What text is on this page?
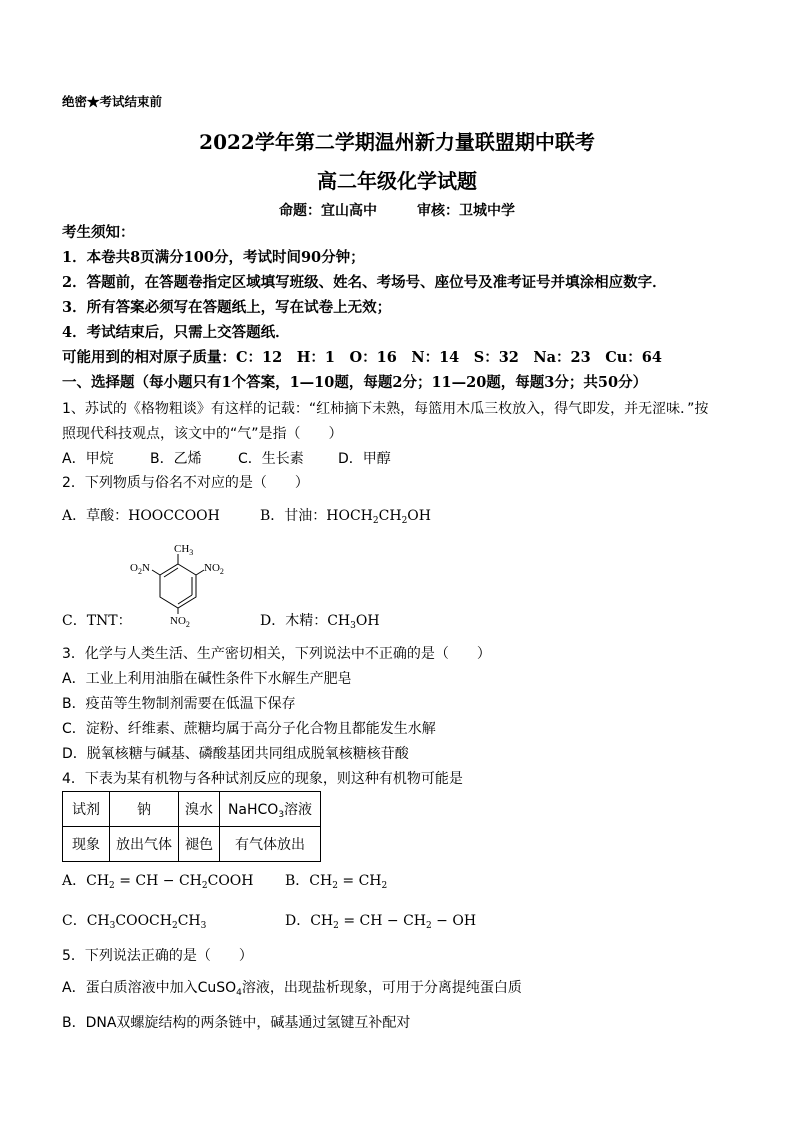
绝密★考试结束前
2022学年第二学期温州新力量联盟期中联考
高二年级化学试题
命题：宜山高中	审核：卫城中学
考生须知：
1．本卷共8页满分100分，考试时间90分钟；
2．答题前，在答题卷指定区域填写班级、姓名、考场号、座位号及准考证号并填涂相应数字．
3．所有答案必须写在答题纸上，写在试卷上无效；
4．考试结束后，只需上交答题纸．
可能用到的相对原子质量：C：12　H：1　O：16　N：14　S：32　Na：23　Cu：64
一、选择题（每小题只有1个答案，1—10题，每题2分；11—20题，每题3分；共50分）
1、苏试的《格物粗谈》有这样的记载：“红柿摘下未熟，每篮用木瓜三枚放入，得气即发，并无涩味．”按
照现代科技观点，该文中的“气”是指（　　）
A．甲烷	B．乙烯	C．生长素 D．甲醇
2．下列物质与俗名不对应的是（　　）
A．草酸：HOOCCOOH	B．甘油：$HOCH_2CH_2OH$
$CH_3$
$O_2N$	$NO_2$
$NO_2$
C．TNT：	D．木精：$CH_3OH$
3．化学与人类生活、生产密切相关，下列说法中不正确的是（　　）
A．工业上利用油脂在碱性条件下水解生产肥皂
B．疫苗等生物制剂需要在低温下保存
C．淀粉、纤维素、蔗糖均属于高分子化合物且都能发生水解
D．脱氧核糖与碱基、磷酸基团共同组成脱氧核糖核苷酸
4．下表为某有机物与各种试剂反应的现象，则这种有机物可能是
试剂	钠	溴水	NaHCO$_3$溶液
现象	放出气体	褪色	有气体放出
A．$CH_2$ = CH − $CH_2COOH$ B．$CH_2 = CH_2$
C．$CH_3COOCH_2CH_3$	D．$CH_2$ = CH − $CH_2$ − OH
5．下列说法正确的是（　　）
A．蛋白质溶液中加入CuSO$_4$溶液，出现盐析现象，可用于分离提纯蛋白质
B．DNA双螺旋结构的两条链中，碱基通过氢键互补配对
